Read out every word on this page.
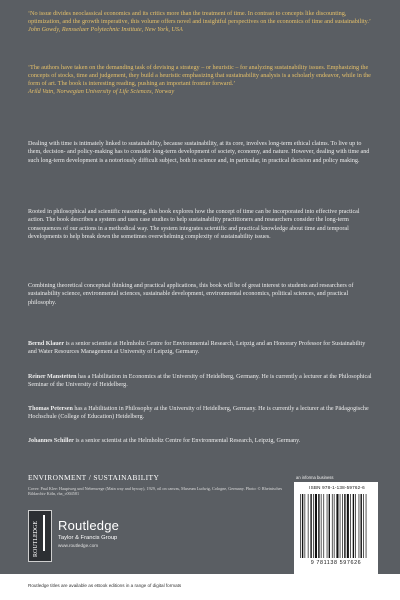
‘No issue divides neoclassical economics and its critics more than the treatment of time. In contrast to concepts like discounting, optimization, and the growth imperative, this volume offers novel and insightful perspectives on the economics of time and sustainability.’
John Gowdy, Rensselaer Polytechnic Institute, New York, USA
‘The authors have taken on the demanding task of devising a strategy – or heuristic – for analyzing sustainability issues. Emphasizing the concepts of stocks, time and judgement, they build a heuristic emphasizing that sustainability analysis is a scholarly endeavor, while in the form of art. The book is interesting reading, pushing an important frontier forward.’
Arild Vatn, Norwegian University of Life Sciences, Norway
Dealing with time is intimately linked to sustainability, because sustainability, at its core, involves long-term ethical claims. To live up to them, decision- and policy-making has to consider long-term development of society, economy, and nature. However, dealing with time and such long-term development is a notoriously difficult subject, both in science and, in particular, in practical decision and policy making.
Rooted in philosophical and scientific reasoning, this book explores how the concept of time can be incorporated into effective practical action. The book describes a system and uses case studies to help sustainability practitioners and researchers consider the long-term consequences of our actions in a methodical way. The system integrates scientific and practical knowledge about time and temporal developments to help break down the sometimes overwhelming complexity of sustainability issues.
Combining theoretical conceptual thinking and practical applications, this book will be of great interest to students and researchers of sustainability science, environmental sciences, sustainable development, environmental economics, political sciences, and practical philosophy.
Bernd Klauer is a senior scientist at Helmholtz Centre for Environmental Research, Leipzig and an Honorary Professor for Sustainability and Water Resources Management at University of Leipzig, Germany.
Reiner Manstetten has a Habilitation in Economics at the University of Heidelberg, Germany. He is currently a lecturer at the Philosophical Seminar of the University of Heidelberg.
Thomas Petersen has a Habilitation in Philosophy at the University of Heidelberg, Germany. He is currently a lecturer at the Pädagogische Hochschule (College of Education) Heidelberg.
Johannes Schiller is a senior scientist at the Helmholtz Centre for Environmental Research, Leipzig, Germany.
ENVIRONMENT / SUSTAINABILITY
Cover: Paul Klee: Hauptweg und Nebenwege (Main way and byway), 1929, oil on canvas, Museum Ludwig, Cologne, Germany. Photo: © Rheinisches Bildarchiv Köln, rba_c004581
an informa business
ROUTLEDGE Routledge
Taylor & Francis Group
www.routledge.com
ISBN 978-1-138-59762-6
9 781138 597626
Routledge titles are available as eBook editions in a range of digital formats
